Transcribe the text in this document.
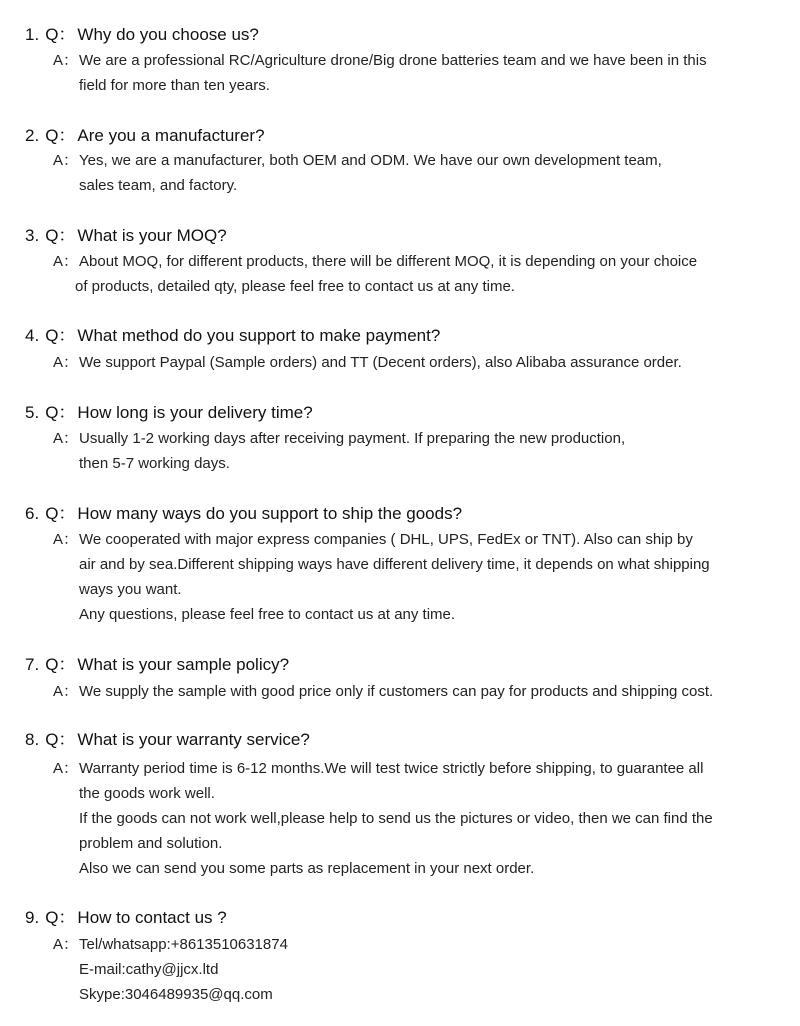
1. Q： Why do you choose us?
A：We are a professional RC/Agriculture drone/Big drone batteries team and we have been in this
field for more than ten years.
2. Q： Are you a manufacturer?
A：Yes, we are a manufacturer, both OEM and ODM. We have our own development team,
sales team, and factory.
3. Q： What is your MOQ?
A：About MOQ, for different products, there will be different MOQ, it is depending on your choice
of products, detailed qty, please feel free to contact us at any time.
4. Q： What method do you support to make payment?
A：We support Paypal (Sample orders) and TT (Decent orders), also Alibaba assurance order.
5. Q： How long is your delivery time?
A：Usually 1-2 working days after receiving payment. If preparing the new production,
then 5-7 working days.
6. Q： How many ways do you support to ship the goods?
A：We cooperated with major express companies ( DHL, UPS, FedEx or TNT). Also can ship by
air and by sea.Different shipping ways have different delivery time, it depends on what shipping
ways you want.
Any questions, please feel free to contact us at any time.
7. Q： What is your sample policy?
A：We supply the sample with good price only if customers can pay for products and shipping cost.
8. Q： What is your warranty service?
A：Warranty period time is 6-12 months.We will test twice strictly before shipping, to guarantee all
the goods work well.
If the goods can not work well,please help to send us the pictures or video, then we can find the
problem and solution.
Also we can send you some parts as replacement in your next order.
9. Q： How to contact us ?
A：Tel/whatsapp:+8613510631874
E-mail:cathy@jjcx.ltd
Skype:3046489935@qq.com
